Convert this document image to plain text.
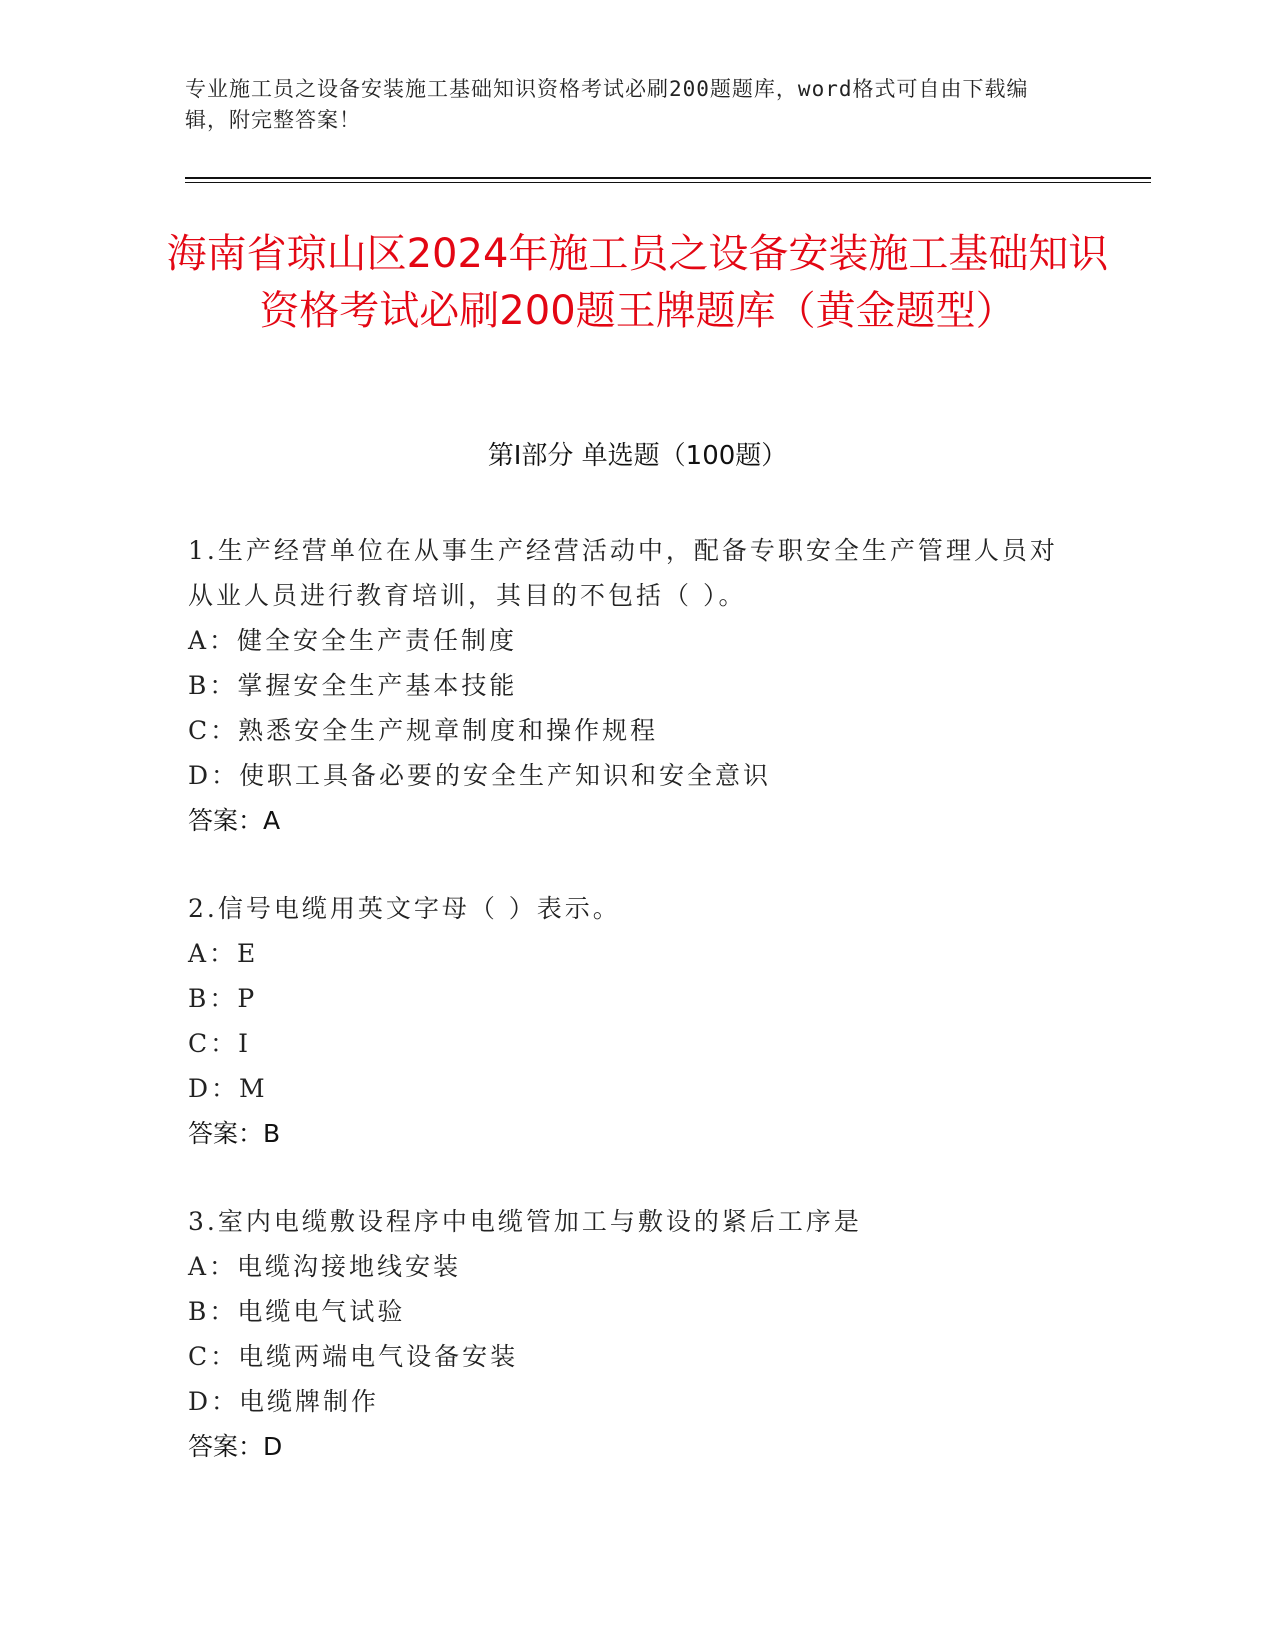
专业施工员之设备安装施工基础知识资格考试必刷200题题库，word格式可自由下载编辑，附完整答案！
海南省琼山区2024年施工员之设备安装施工基础知识资格考试必刷200题王牌题库（黄金题型）
第I部分 单选题（100题）

1.生产经营单位在从事生产经营活动中，配备专职安全生产管理人员对从业人员进行教育培训，其目的不包括（ ）。

A：健全安全生产责任制度

B：掌握安全生产基本技能

C：熟悉安全生产规章制度和操作规程

D：使职工具备必要的安全生产知识和安全意识

答案：A

2.信号电缆用英文字母（ ）表示。

A：E

B：P

C：I

D：M

答案：B

3.室内电缆敷设程序中电缆管加工与敷设的紧后工序是

A：电缆沟接地线安装

B：电缆电气试验

C：电缆两端电气设备安装

D：电缆牌制作

答案：D
